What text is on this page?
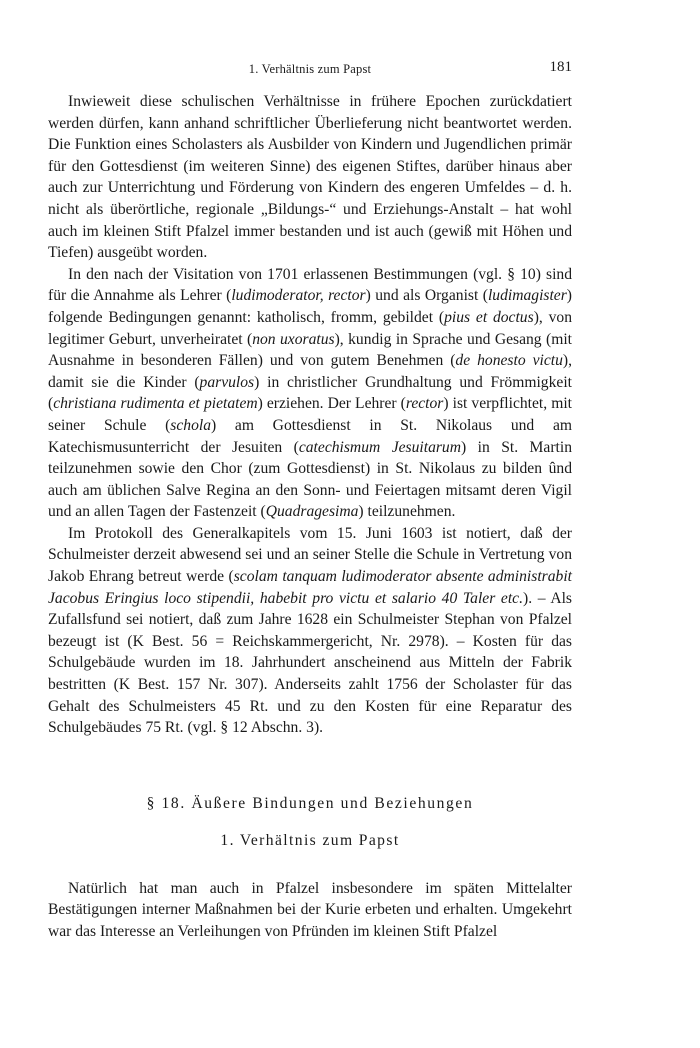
1. Verhältnis zum Papst	181

Inwieweit diese schulischen Verhältnisse in frühere Epochen zurückdatiert werden dürfen, kann anhand schriftlicher Überlieferung nicht beantwortet werden. Die Funktion eines Scholasters als Ausbilder von Kindern und Jugendlichen primär für den Gottesdienst (im weiteren Sinne) des eigenen Stiftes, darüber hinaus aber auch zur Unterrichtung und Förderung von Kindern des engeren Umfeldes – d. h. nicht als überörtliche, regionale „Bildungs-“ und Erziehungs-Anstalt – hat wohl auch im kleinen Stift Pfalzel immer bestanden und ist auch (gewiß mit Höhen und Tiefen) ausgeübt worden.

In den nach der Visitation von 1701 erlassenen Bestimmungen (vgl. § 10) sind für die Annahme als Lehrer (ludimoderator, rector) und als Organist (ludimagister) folgende Bedingungen genannt: katholisch, fromm, gebildet (pius et doctus), von legitimer Geburt, unverheiratet (non uxoratus), kundig in Sprache und Gesang (mit Ausnahme in besonderen Fällen) und von gutem Benehmen (de honesto victu), damit sie die Kinder (parvulos) in christlicher Grundhaltung und Frömmigkeit (christiana rudimenta et pietatem) erziehen. Der Lehrer (rector) ist verpflichtet, mit seiner Schule (schola) am Gottesdienst in St. Nikolaus und am Katechismusunterricht der Jesuiten (catechismum Jesuitarum) in St. Martin teilzunehmen sowie den Chor (zum Gottesdienst) in St. Nikolaus zu bilden ûnd auch am üblichen Salve Regina an den Sonn- und Feiertagen mitsamt deren Vigil und an allen Tagen der Fastenzeit (Quadragesima) teilzunehmen.

Im Protokoll des Generalkapitels vom 15. Juni 1603 ist notiert, daß der Schulmeister derzeit abwesend sei und an seiner Stelle die Schule in Vertretung von Jakob Ehrang betreut werde (scolam tanquam ludimoderator absente administrabit Jacobus Eringius loco stipendii, habebit pro victu et salario 40 Taler etc.). – Als Zufallsfund sei notiert, daß zum Jahre 1628 ein Schulmeister Stephan von Pfalzel bezeugt ist (K Best. 56 = Reichskammergericht, Nr. 2978). – Kosten für das Schulgebäude wurden im 18. Jahrhundert anscheinend aus Mitteln der Fabrik bestritten (K Best. 157 Nr. 307). Anderseits zahlt 1756 der Scholaster für das Gehalt des Schulmeisters 45 Rt. und zu den Kosten für eine Reparatur des Schulgebäudes 75 Rt. (vgl. § 12 Abschn. 3).

§ 18. Äußere Bindungen und Beziehungen
1. Verhältnis zum Papst

Natürlich hat man auch in Pfalzel insbesondere im späten Mittelalter Bestätigungen interner Maßnahmen bei der Kurie erbeten und erhalten. Umgekehrt war das Interesse an Verleihungen von Pfründen im kleinen Stift Pfalzel
